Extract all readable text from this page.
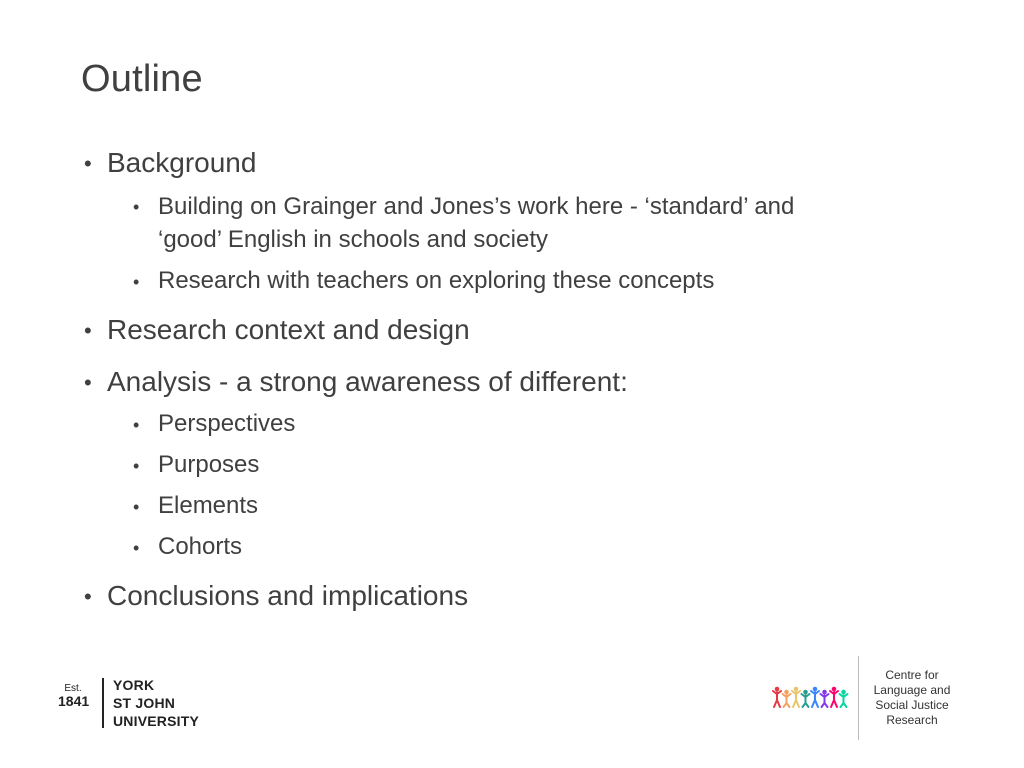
Outline
• Background
• Building on Grainger and Jones’s work here - ‘standard’ and
‘good’ English in schools and society
• Research with teachers on exploring these concepts
• Research context and design
• Analysis - a strong awareness of different:
• Perspectives
• Purposes
• Elements
• Cohorts
• Conclusions and implications
Est.
1841
YORK
ST JOHN
UNIVERSITY
Centre for
Language and
Social Justice
Research
